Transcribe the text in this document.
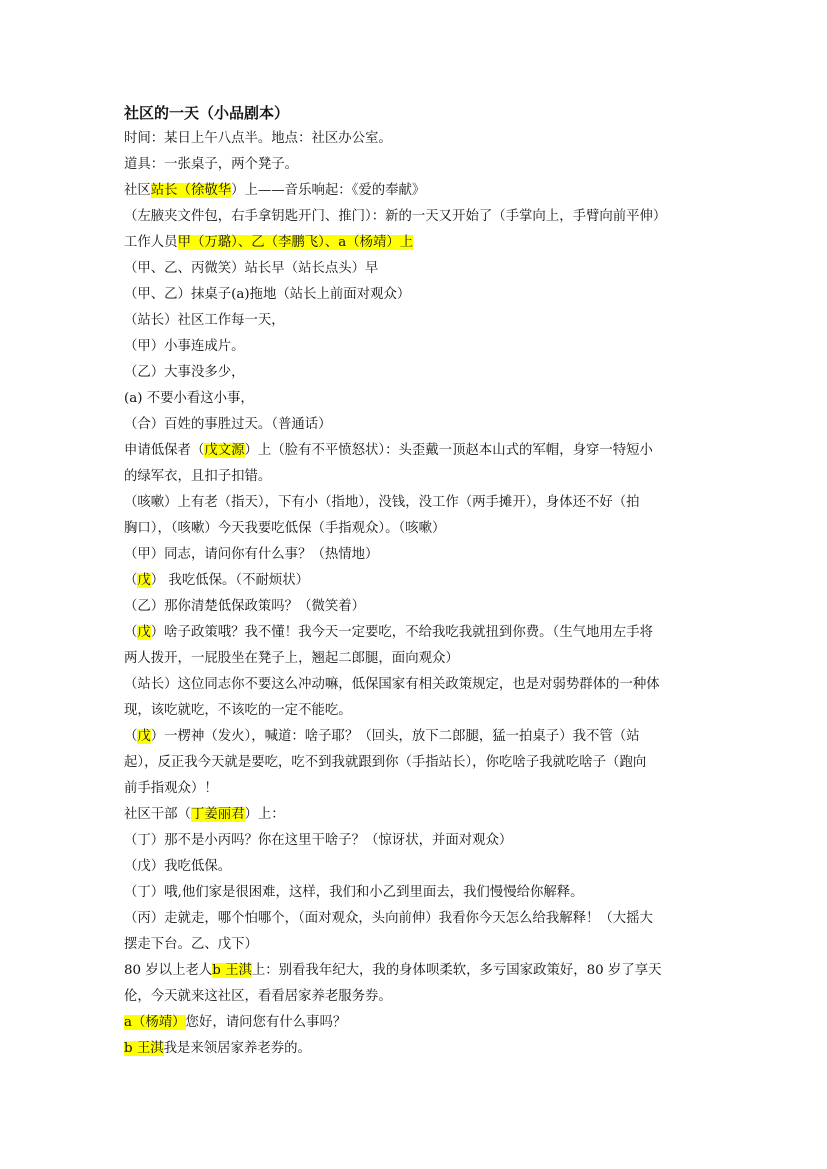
社区的一天（小品剧本）

时间：某日上午八点半。地点：社区办公室。

道具：一张桌子，两个凳子。

社区站长（徐敬华）上——音乐响起：《爱的奉献》

（左腋夹文件包，右手拿钥匙开门、推门）：新的一天又开始了（手掌向上，手臂向前平伸）

工作人员甲（万璐）、乙（李鹏飞）、a（杨靖）上

（甲、乙、丙微笑）站长早（站长点头）早

（甲、乙）抹桌子(a)拖地（站长上前面对观众）

（站长）社区工作每一天，

（甲）小事连成片。

（乙）大事没多少，

(a) 不要小看这小事，

（合）百姓的事胜过天。（普通话）

申请低保者（戊文源）上（脸有不平愤怒状）：头歪戴一顶赵本山式的军帽，身穿一特短小

的绿军衣，且扣子扣错。

（咳嗽）上有老（指天），下有小（指地），没钱，没工作（两手摊开），身体还不好（拍

胸口），（咳嗽）今天我要吃低保（手指观众）。（咳嗽）

（甲）同志，请问你有什么事？（热情地）

（戊） 我吃低保。（不耐烦状）

（乙）那你清楚低保政策吗？（微笑着）

（戊）啥子政策哦？我不懂！我今天一定要吃，不给我吃我就扭到你费。（生气地用左手将

两人拨开，一屁股坐在凳子上，翘起二郎腿，面向观众）

（站长）这位同志你不要这么冲动嘛，低保国家有相关政策规定，也是对弱势群体的一种体

现，该吃就吃，不该吃的一定不能吃。

（戊）一楞神（发火），喊道：啥子耶？（回头，放下二郎腿，猛一拍桌子）我不管（站

起），反正我今天就是要吃，吃不到我就跟到你（手指站长），你吃啥子我就吃啥子（跑向

前手指观众）！

社区干部（丁姜丽君）上：

（丁）那不是小丙吗？你在这里干啥子？（惊讶状，并面对观众）

（戊）我吃低保。

（丁）哦,他们家是很困难，这样，我们和小乙到里面去，我们慢慢给你解释。

（丙）走就走，哪个怕哪个，（面对观众，头向前伸）我看你今天怎么给我解释！（大摇大

摆走下台。乙、戊下）

80 岁以上老人b 王淇上：别看我年纪大，我的身体呗柔软，多亏国家政策好，80 岁了享天

伦，今天就来这社区，看看居家养老服务券。

a（杨靖）您好，请问您有什么事吗？

b 王淇我是来领居家养老券的。
